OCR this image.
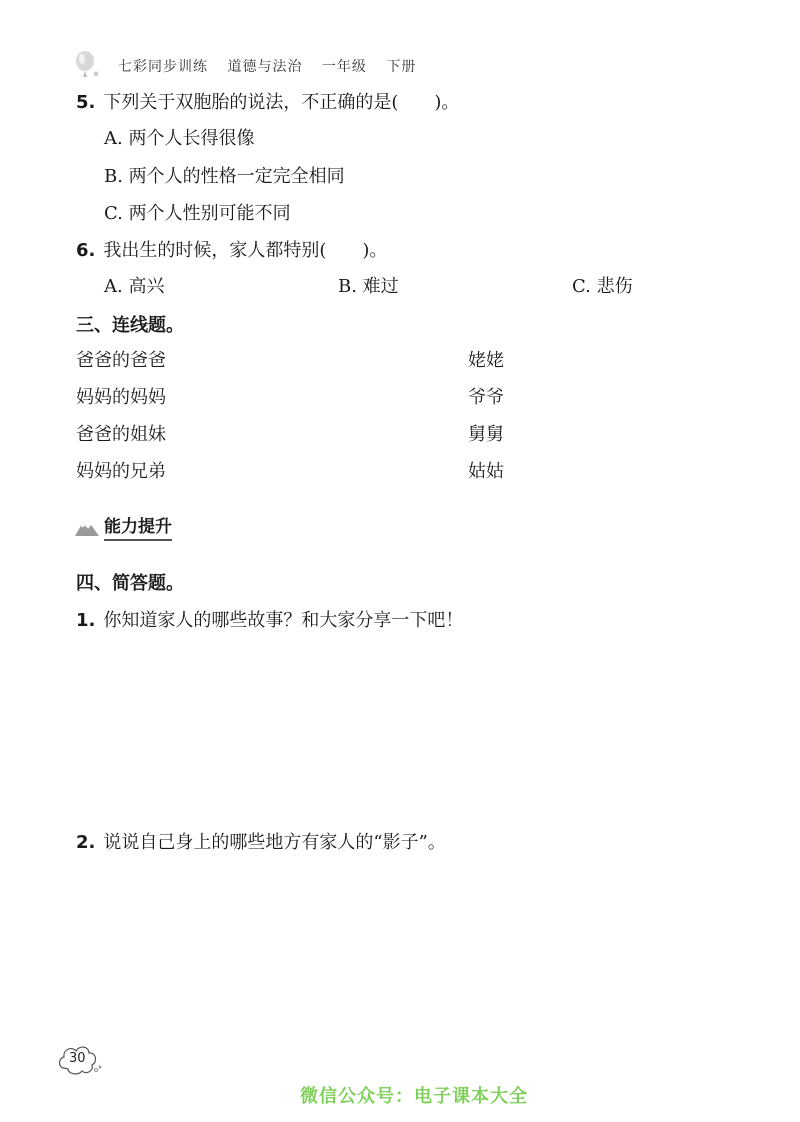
七彩同步训练 道德与法治 一年级 下册
5. 下列关于双胞胎的说法，不正确的是(　　)。
A. 两个人长得很像
B. 两个人的性格一定完全相同
C. 两个人性别可能不同
6. 我出生的时候，家人都特别(　　)。
A. 高兴	B. 难过	C. 悲伤
三、连线题。
爸爸的爸爸
妈妈的妈妈
爸爸的姐妹
妈妈的兄弟
姥姥
爷爷
舅舅
姑姑
能力提升
四、简答题。
1. 你知道家人的哪些故事？和大家分享一下吧！
2. 说说自己身上的哪些地方有家人的“影子”。
30
微信公众号：电子课本大全
